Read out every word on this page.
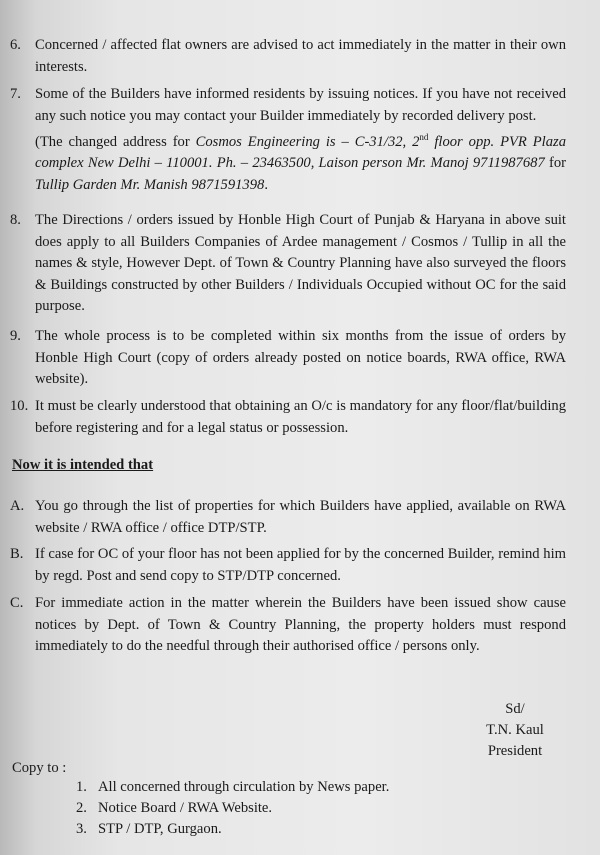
6. Concerned / affected flat owners are advised to act immediately in the matter in their own interests.
7. Some of the Builders have informed residents by issuing notices. If you have not received any such notice you may contact your Builder immediately by recorded delivery post.

(The changed address for Cosmos Engineering is – C-31/32, 2nd floor opp. PVR Plaza complex New Delhi – 110001. Ph. – 23463500, Laison person Mr. Manoj 9711987687 for Tullip Garden Mr. Manish 9871591398.

8. The Directions / orders issued by Honble High Court of Punjab & Haryana in above suit does apply to all Builders Companies of Ardee management / Cosmos / Tullip in all the names & style, However Dept. of Town & Country Planning have also surveyed the floors & Buildings constructed by other Builders / Individuals Occupied without OC for the said purpose.
9. The whole process is to be completed within six months from the issue of orders by Honble High Court (copy of orders already posted on notice boards, RWA office, RWA website).
10. It must be clearly understood that obtaining an O/c is mandatory for any floor/flat/building before registering and for a legal status or possession.
Now it is intended that
A. You go through the list of properties for which Builders have applied, available on RWA website / RWA office / office DTP/STP.
B. If case for OC of your floor has not been applied for by the concerned Builder, remind him by regd. Post and send copy to STP/DTP concerned.
C. For immediate action in the matter wherein the Builders have been issued show cause notices by Dept. of Town & Country Planning, the property holders must respond immediately to do the needful through their authorised office / persons only.
Sd/
T.N. Kaul
President
Copy to :
1. All concerned through circulation by News paper.
2. Notice Board / RWA Website.
3. STP / DTP, Gurgaon.
